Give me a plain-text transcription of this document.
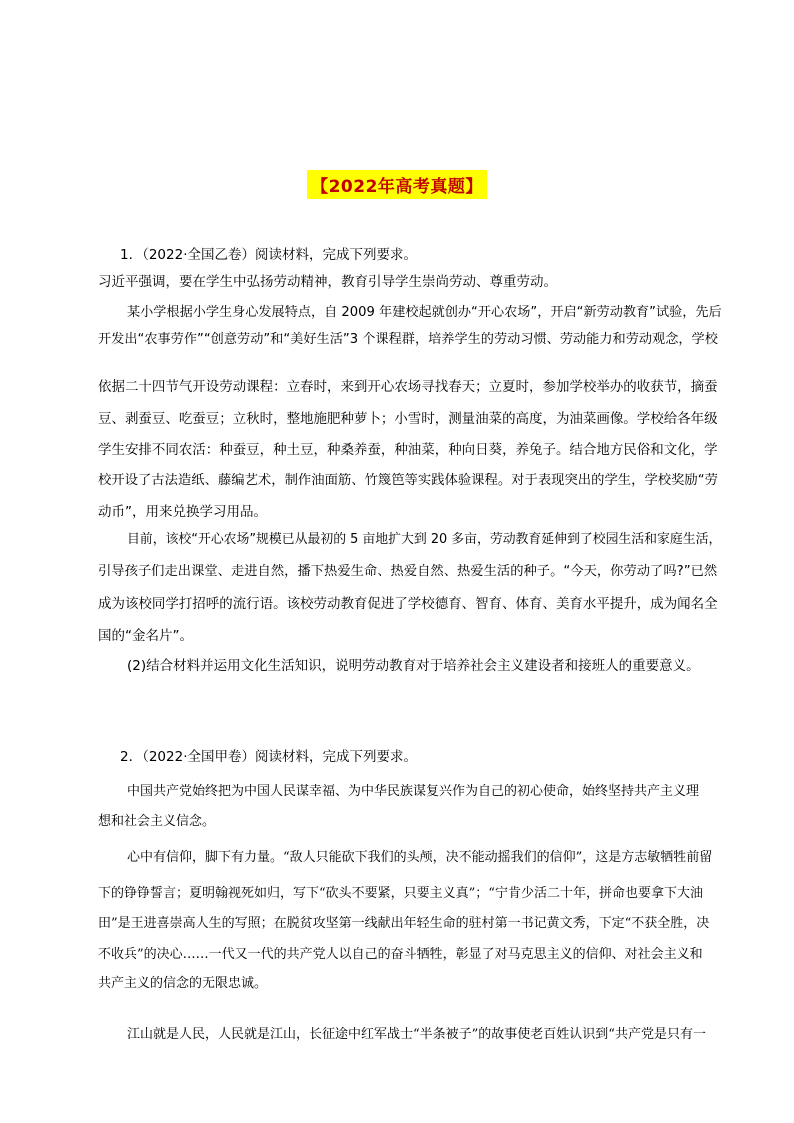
【2022年高考真题】
1．（2022·全国乙卷）阅读材料，完成下列要求。
习近平强调，要在学生中弘扬劳动精神，教育引导学生崇尚劳动、尊重劳动。
某小学根据小学生身心发展特点，自 2009 年建校起就创办“开心农场”，开启“新劳动教育”试验，先后
开发出“农事劳作”“创意劳动”和“美好生活”3 个课程群，培养学生的劳动习惯、劳动能力和劳动观念，学校
依据二十四节气开设劳动课程：立春时，来到开心农场寻找春天；立夏时，参加学校举办的收获节，摘蚕
豆、剥蚕豆、吃蚕豆；立秋时，整地施肥种萝卜；小雪时，测量油菜的高度，为油菜画像。学校给各年级
学生安排不同农活：种蚕豆，种土豆，种桑养蚕，种油菜，种向日葵，养兔子。结合地方民俗和文化，学
校开设了古法造纸、藤编艺术，制作油面筋、竹篾笆等实践体验课程。对于表现突出的学生，学校奖励“劳
动币”，用来兑换学习用品。
目前，该校“开心农场”规模已从最初的 5 亩地扩大到 20 多亩，劳动教育延伸到了校园生活和家庭生活，
引导孩子们走出课堂、走进自然，播下热爱生命、热爱自然、热爱生活的种子。“今天，你劳动了吗?”已然
成为该校同学打招呼的流行语。该校劳动教育促进了学校德育、智育、体育、美育水平提升，成为闻名全
国的“金名片”。
(2)结合材料并运用文化生活知识，说明劳动教育对于培养社会主义建设者和接班人的重要意义。
2．（2022·全国甲卷）阅读材料，完成下列要求。
中国共产党始终把为中国人民谋幸福、为中华民族谋复兴作为自己的初心使命，始终坚持共产主义理
想和社会主义信念。
心中有信仰，脚下有力量。“敌人只能砍下我们的头颅，决不能动摇我们的信仰”，这是方志敏牺牲前留
下的铮铮誓言；夏明翰视死如归，写下“砍头不要紧，只要主义真”；“宁肯少活二十年，拼命也要拿下大油
田”是王进喜崇高人生的写照；在脱贫攻坚第一线献出年轻生命的驻村第一书记黄文秀，下定“不获全胜，决
不收兵”的决心……一代又一代的共产党人以自己的奋斗牺牲，彰显了对马克思主义的信仰、对社会主义和
共产主义的信念的无限忠诚。
江山就是人民，人民就是江山，长征途中红军战士“半条被子”的故事使老百姓认识到“共产党是只有一
